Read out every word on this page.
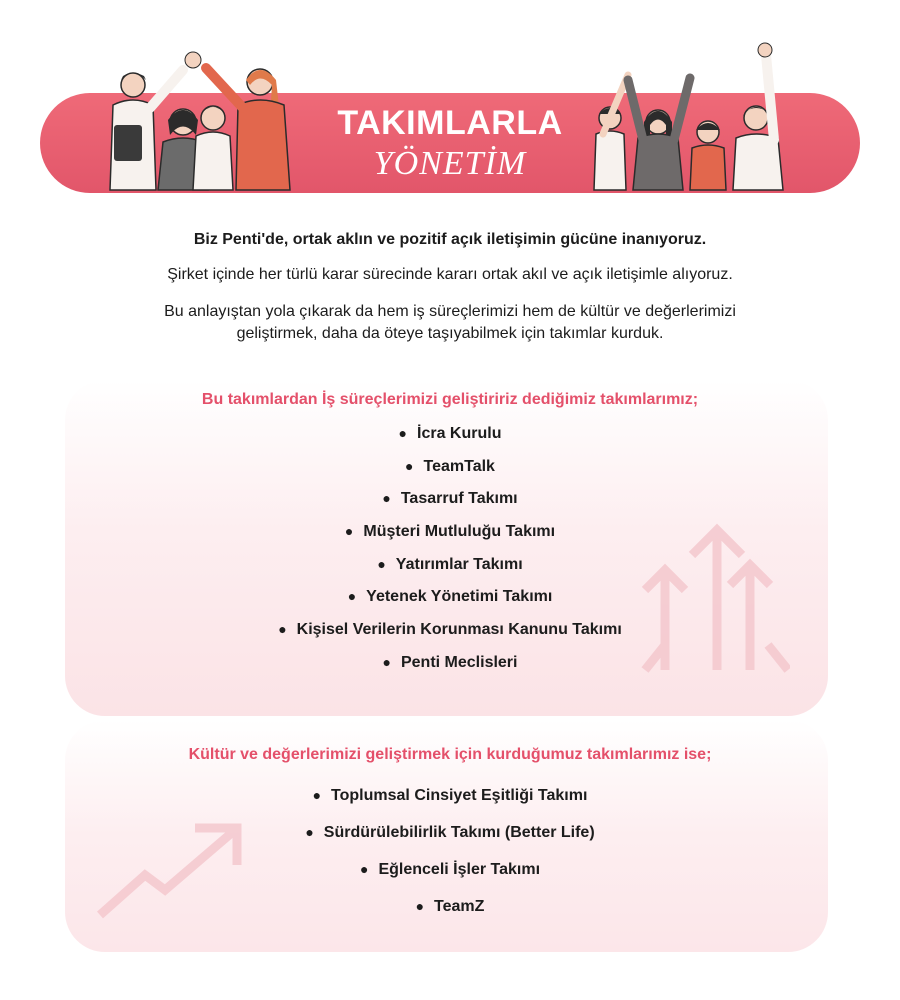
TAKIMLARLA
YÖNETİM

Biz Penti'de, ortak aklın ve pozitif açık iletişimin gücüne inanıyoruz.

Şirket içinde her türlü karar sürecinde kararı ortak akıl ve açık iletişimle alıyoruz.

Bu anlayıştan yola çıkarak da hem iş süreçlerimizi hem de kültür ve değerlerimizi
geliştirmek, daha da öteye taşıyabilmek için takımlar kurduk.

Bu takımlardan İş süreçlerimizi geliştiririz dediğimiz takımlarımız;
● İcra Kurulu
● TeamTalk
● Tasarruf Takımı
● Müşteri Mutluluğu Takımı
● Yatırımlar Takımı
● Yetenek Yönetimi Takımı
● Kişisel Verilerin Korunması Kanunu Takımı
● Penti Meclisleri
Kültür ve değerlerimizi geliştirmek için kurduğumuz takımlarımız ise;
● Toplumsal Cinsiyet Eşitliği Takımı
● Sürdürülebilirlik Takımı (Better Life)
● Eğlenceli İşler Takımı
● TeamZ
